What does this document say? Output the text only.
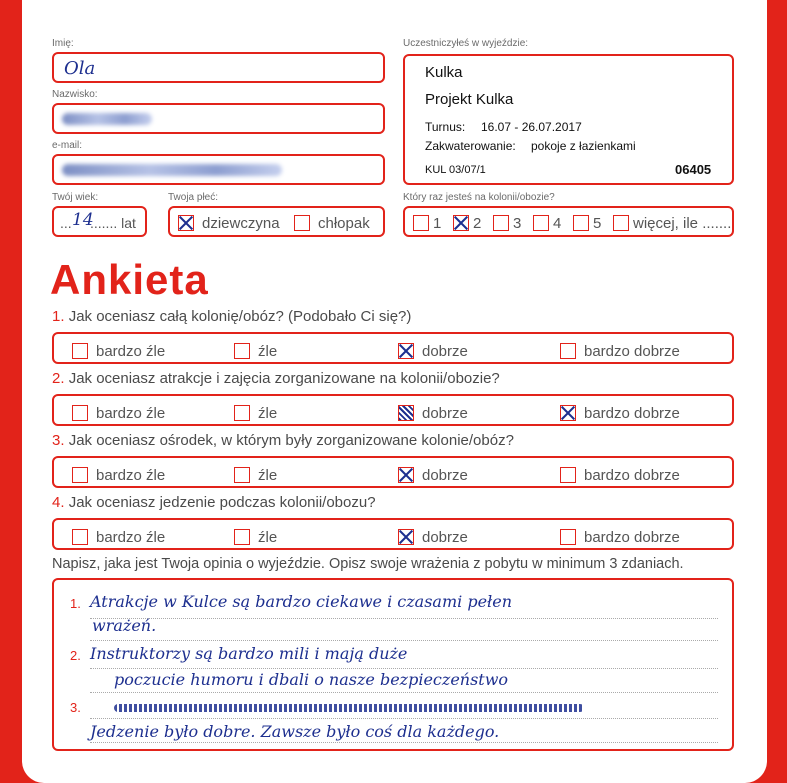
Imię:
Ola
Nazwisko:
e-mail:
Twój wiek:
... 14
....... lat
Twoja płeć:
dziewczyna	chłopak
Uczestniczyłeś w wyjeździe:
Kulka
Projekt Kulka
Turnus: 16.07 - 26.07.2017
Zakwaterowanie: pokoje z łazienkami
KUL 03/07/1	06405
Który raz jesteś na kolonii/obozie?
1	2	3	4	5	więcej, ile .......
Ankieta
1. Jak oceniasz całą kolonię/obóz? (Podobało Ci się?)
bardzo źle	źle	dobrze	bardzo dobrze
2. Jak oceniasz atrakcje i zajęcia zorganizowane na kolonii/obozie?
bardzo źle	źle	dobrze	bardzo dobrze
3. Jak oceniasz ośrodek, w którym były zorganizowane kolonie/obóz?
bardzo źle	źle	dobrze	bardzo dobrze
4. Jak oceniasz jedzenie podczas kolonii/obozu?
bardzo źle	źle	dobrze	bardzo dobrze
Napisz, jaka jest Twoja opinia o wyjeździe. Opisz swoje wrażenia z pobytu w minimum 3 zdaniach.
1.
2.
3.
Atrakcje w Kulce są bardzo ciekawe i czasami pełen
wrażeń.
Instruktorzy są bardzo mili i mają duże
poczucie humoru i dbali o nasze bezpieczeństwo
Jedzenie było dobre. Zawsze było coś dla każdego.
